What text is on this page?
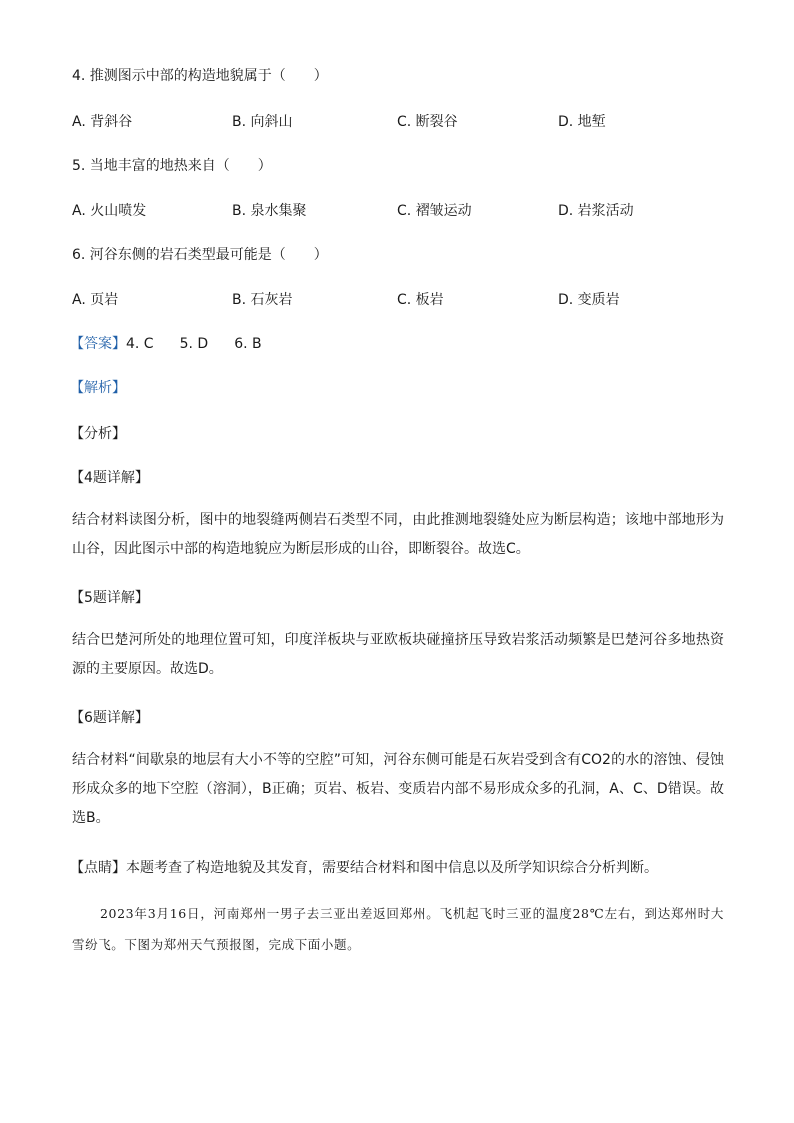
4. 推测图示中部的构造地貌属于（　　）
A. 背斜谷	B. 向斜山	C. 断裂谷	D. 地堑
5. 当地丰富的地热来自（　　）
A. 火山喷发	B. 泉水集聚	C. 褶皱运动	D. 岩浆活动
6. 河谷东侧的岩石类型最可能是（　　）
A. 页岩	B. 石灰岩	C. 板岩	D. 变质岩
【答案】4. C 5. D 6. B
【解析】
【分析】
【4题详解】
结合材料读图分析，图中的地裂缝两侧岩石类型不同，由此推测地裂缝处应为断层构造；该地中部地形为山谷，因此图示中部的构造地貌应为断层形成的山谷，即断裂谷。故选C。
【5题详解】
结合巴楚河所处的地理位置可知，印度洋板块与亚欧板块碰撞挤压导致岩浆活动频繁是巴楚河谷多地热资源的主要原因。故选D。
【6题详解】
结合材料“间歇泉的地层有大小不等的空腔”可知，河谷东侧可能是石灰岩受到含有CO2的水的溶蚀、侵蚀形成众多的地下空腔（溶洞），B正确；页岩、板岩、变质岩内部不易形成众多的孔洞，A、C、D错误。故选B。
【点睛】本题考查了构造地貌及其发育，需要结合材料和图中信息以及所学知识综合分析判断。
2023年3月16日，河南郑州一男子去三亚出差返回郑州。飞机起飞时三亚的温度28℃左右，到达郑州时大雪纷飞。下图为郑州天气预报图，完成下面小题。
